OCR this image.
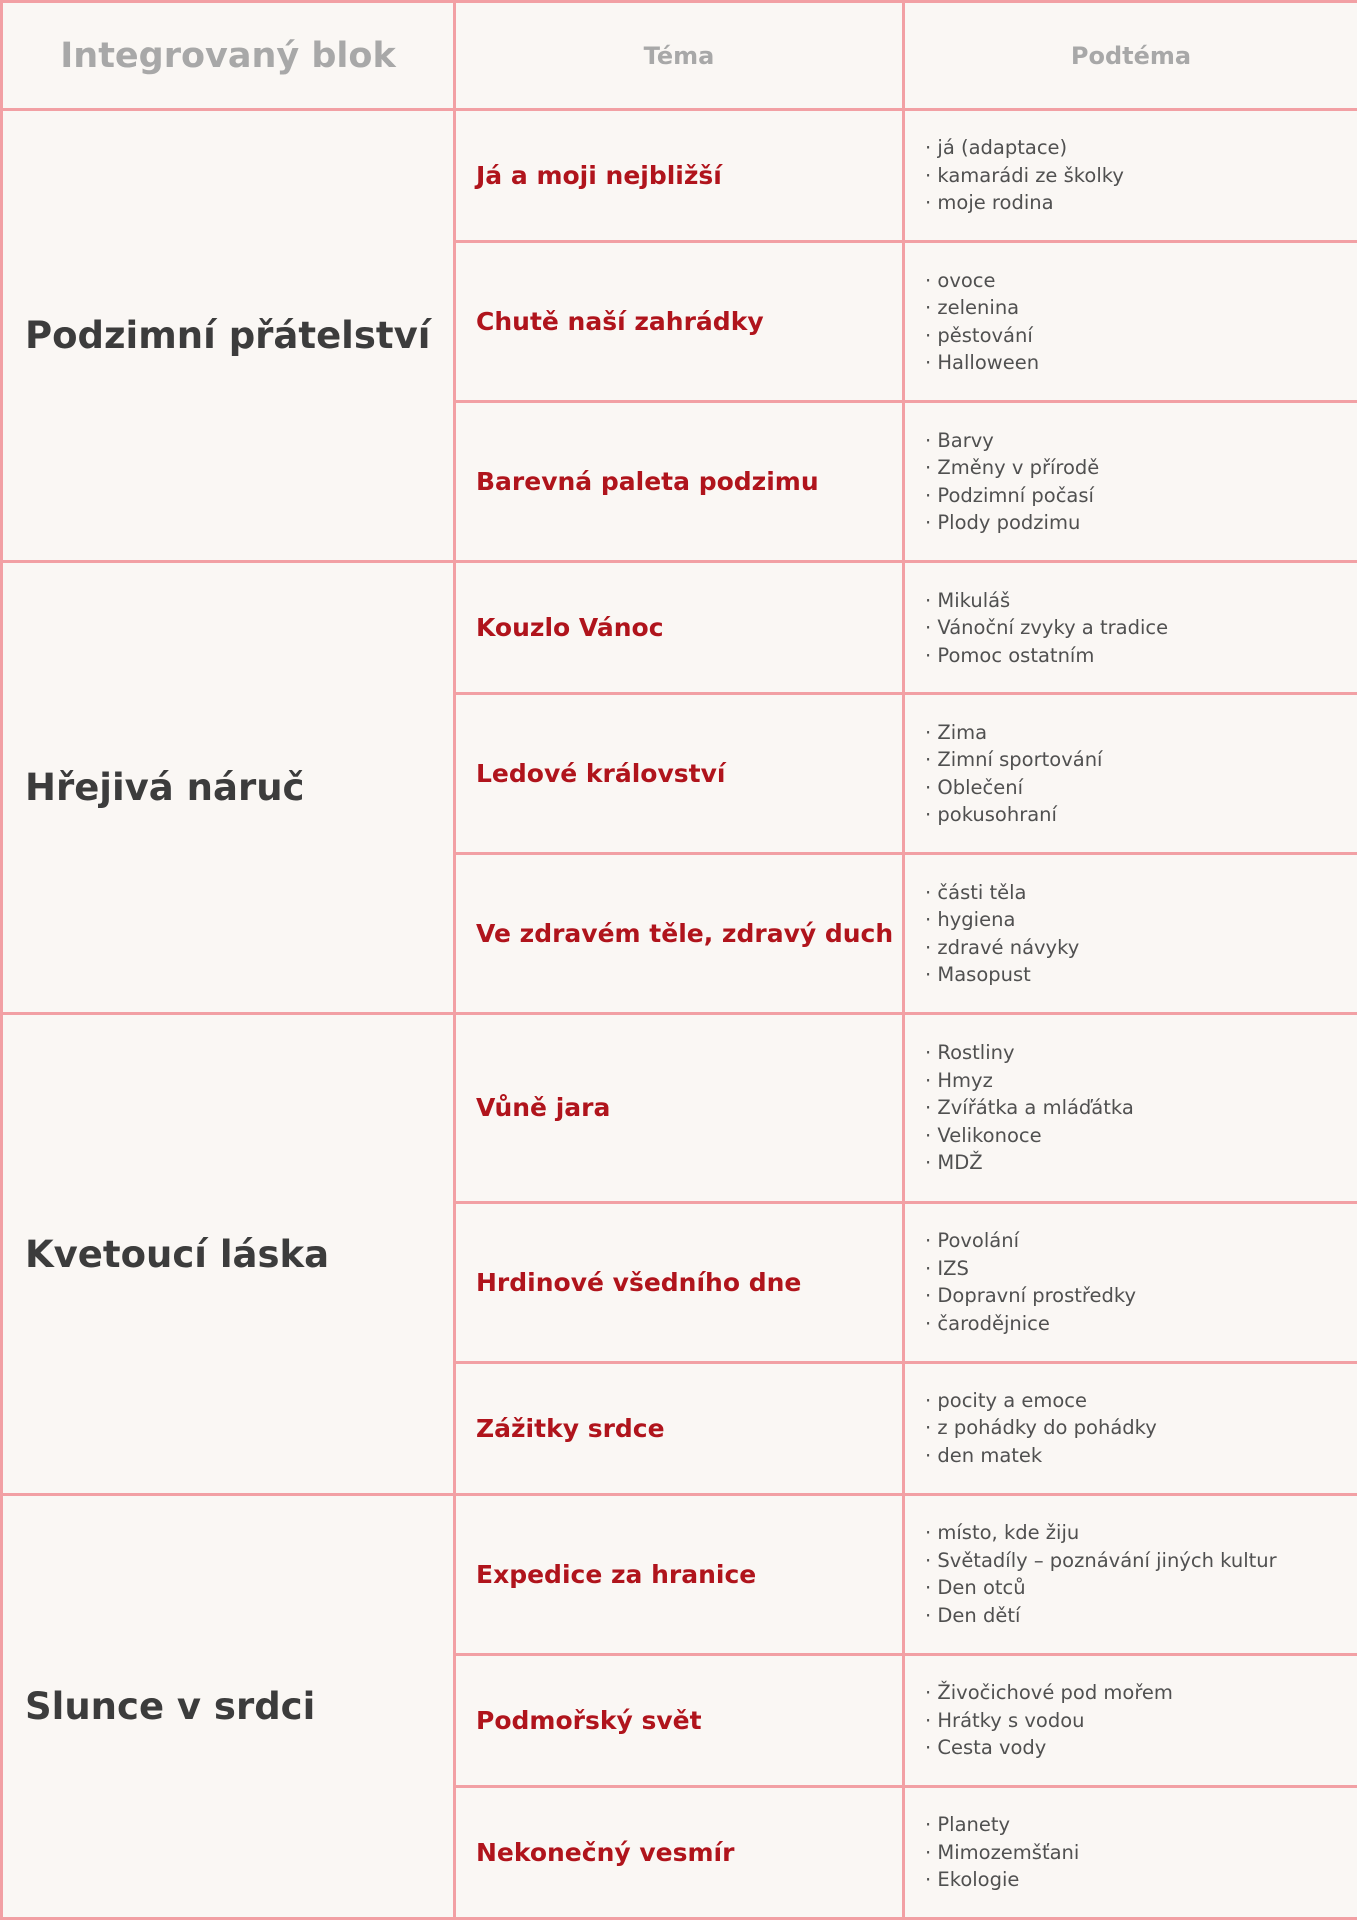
Integrovaný blok	Téma	Podtéma
Podzimní přátelství	Já a moji nejbližší	· já (adaptace)
· kamarádi ze školky
· moje rodina

	Chutě naší zahrádky	· ovoce
· zelenina
· pěstování
· Halloween

	Barevná paleta podzimu	· Barvy
· Změny v přírodě
· Podzimní počasí
· Plody podzimu

Hřejivá náruč	Kouzlo Vánoc	· Mikuláš
· Vánoční zvyky a tradice
· Pomoc ostatním

	Ledové království	· Zima
· Zimní sportování
· Oblečení
· pokusohraní

	Ve zdravém těle, zdravý duch	· části těla
· hygiena
· zdravé návyky
· Masopust

Kvetoucí láska	Vůně jara	· Rostliny
· Hmyz
· Zvířátka a mláďátka
· Velikonoce
· MDŽ

	Hrdinové všedního dne	· Povolání
· IZS
· Dopravní prostředky
· čarodějnice

	Zážitky srdce	· pocity a emoce
· z pohádky do pohádky
· den matek

Slunce v srdci	Expedice za hranice	· místo, kde žiju
· Světadíly – poznávání jiných kultur
· Den otců
· Den dětí

	Podmořský svět	· Živočichové pod mořem
· Hrátky s vodou
· Cesta vody

	Nekonečný vesmír	· Planety
· Mimozemšťani
· Ekologie
